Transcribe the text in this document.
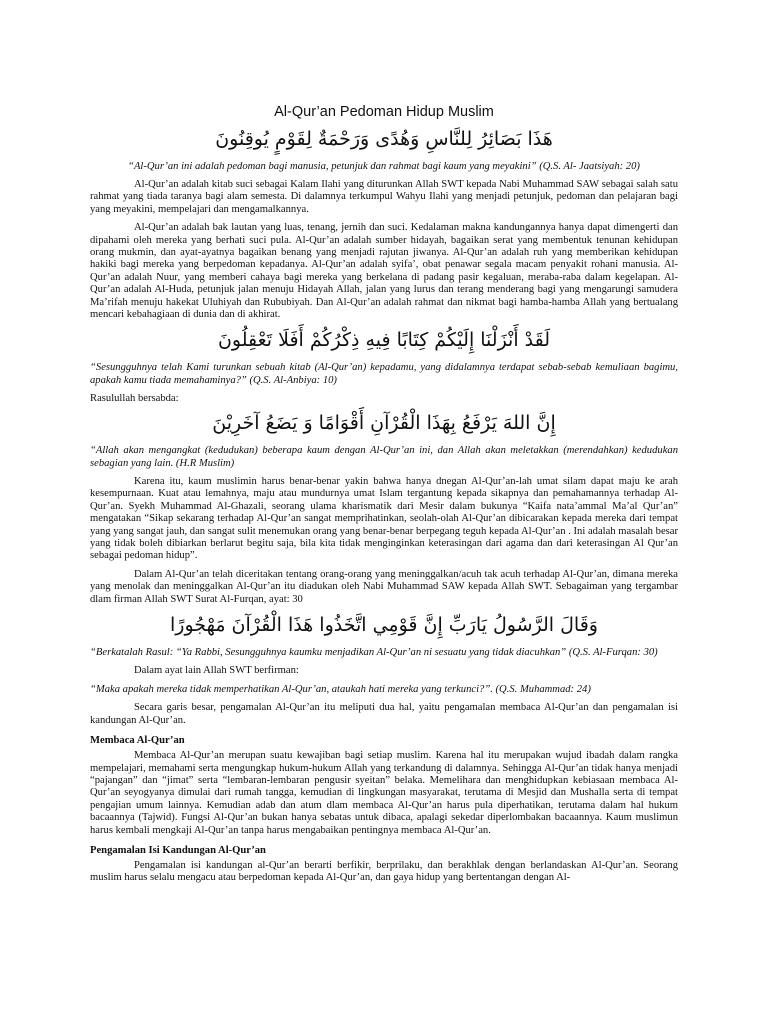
Al-Qur’an Pedoman Hidup Muslim
هَذَا بَصَائِرُ لِلنَّاسِ وَهُدًى وَرَحْمَةٌ لِقَوْمٍ يُوقِنُونَ
“Al-Qur’an ini adalah pedoman bagi manusia, petunjuk dan rahmat bagi kaum yang meyakini” (Q.S. Al- Jaatsiyah: 20)

Al-Qur’an adalah kitab suci sebagai Kalam Ilahi yang diturunkan Allah SWT kepada Nabi Muhammad SAW sebagai salah satu rahmat yang tiada taranya bagi alam semesta. Di dalamnya terkumpul Wahyu Ilahi yang menjadi petunjuk, pedoman dan pelajaran bagi yang meyakini, mempelajari dan mengamalkannya.

Al-Qur’an adalah bak lautan yang luas, tenang, jernih dan suci. Kedalaman makna kandungannya hanya dapat dimengerti dan dipahami oleh mereka yang berhati suci pula. Al-Qur’an adalah sumber hidayah, bagaikan serat yang membentuk tenunan kehidupan orang mukmin, dan ayat-ayatnya bagaikan benang yang menjadi rajutan jiwanya. Al-Qur’an adalah ruh yang memberikan kehidupan hakiki bagi mereka yang berpedoman kepadanya. Al-Qur’an adalah syifa’, obat penawar segala macam penyakit rohani manusia. Al-Qur’an adalah Nuur, yang memberi cahaya bagi mereka yang berkelana di padang pasir kegaluan, meraba-raba dalam kegelapan. Al-Qur’an adalah Al-Huda, petunjuk jalan menuju Hidayah Allah, jalan yang lurus dan terang menderang bagi yang mengarungi samudera Ma’rifah menuju hakekat Uluhiyah dan Rububiyah. Dan Al-Qur’an adalah rahmat dan nikmat bagi hamba-hamba Allah yang bertualang mencari kebahagiaan di dunia dan di akhirat.

لَقَدْ أَنْزَلْنَا إِلَيْكُمْ كِتَابًا فِيهِ ذِكْرُكُمْ أَفَلَا تَعْقِلُونَ
“Sesungguhnya telah Kami turunkan sebuah kitab (Al-Qur’an) kepadamu, yang didalamnya terdapat sebab-sebab kemuliaan bagimu, apakah kamu tiada memahaminya?” (Q.S. Al-Anbiya: 10)

Rasulullah bersabda:

إِنَّ اللهَ يَرْفَعُ بِهَذَا الْقُرْآنِ أَقْوَامًا وَ يَضَعُ آخَرِيْنَ
“Allah akan mengangkat (kedudukan) beberapa kaum dengan Al-Qur’an ini, dan Allah akan meletakkan (merendahkan) kedudukan sebagian yang lain. (H.R Muslim)

Karena itu, kaum muslimin harus benar-benar yakin bahwa hanya dnegan Al-Qur’an-lah umat silam dapat maju ke arah kesempurnaan. Kuat atau lemahnya, maju atau mundurnya umat Islam tergantung kepada sikapnya dan pemahamannya terhadap Al-Qur’an. Syekh Muhammad Al-Ghazali, seorang ulama kharismatik dari Mesir dalam bukunya “Kaifa nata’ammal Ma’al Qur’an” mengatakan “Sikap sekarang terhadap Al-Qur’an sangat memprihatinkan, seolah-olah Al-Qur’an dibicarakan kepada mereka dari tempat yang yang sangat jauh, dan sangat sulit menemukan orang yang benar-benar berpegang teguh kepada Al-Qur’an . Ini adalah masalah besar yang tidak boleh dibiarkan berlarut begitu saja, bila kita tidak menginginkan keterasingan dari agama dan dari keterasingan Al Qur’an sebagai pedoman hidup”.

Dalam Al-Qur’an telah diceritakan tentang orang-orang yang meninggalkan/acuh tak acuh terhadap Al-Qur’an, dimana mereka yang menolak dan meninggalkan Al-Qur’an itu diadukan oleh Nabi Muhammad SAW kepada Allah SWT. Sebagaiman yang tergambar dlam firman Allah SWT Surat Al-Furqan, ayat: 30

وَقَالَ الرَّسُولُ يَارَبِّ إِنَّ قَوْمِي اتَّخَذُوا هَذَا الْقُرْآنَ مَهْجُورًا
“Berkatalah Rasul: “Ya Rabbi, Sesungguhnya kaumku menjadikan Al-Qur’an ni sesuatu yang tidak diacuhkan” (Q.S. Al-Furqan: 30)

Dalam ayat lain Allah SWT berfirman:

“Maka apakah mereka tidak memperhatikan Al-Qur’an, ataukah hati mereka yang terkunci?”. (Q.S. Muhammad: 24)

Secara garis besar, pengamalan Al-Qur’an itu meliputi dua hal, yaitu pengamalan membaca Al-Qur’an dan pengamalan isi kandungan Al-Qur’an.

Membaca Al-Qur’an

Membaca Al-Qur’an merupan suatu kewajiban bagi setiap muslim. Karena hal itu merupakan wujud ibadah dalam rangka mempelajari, memahami serta mengungkap hukum-hukum Allah yang terkandung di dalamnya. Sehingga Al-Qur’an tidak hanya menjadi “pajangan” dan “jimat” serta “lembaran-lembaran pengusir syeitan” belaka. Memelihara dan menghidupkan kebiasaan membaca Al-Qur’an seyogyanya dimulai dari rumah tangga, kemudian di lingkungan masyarakat, terutama di Mesjid dan Mushalla serta di tempat pengajian umum lainnya. Kemudian adab dan atum dlam membaca Al-Qur’an harus pula diperhatikan, terutama dalam hal hukum bacaannya (Tajwid). Fungsi Al-Qur’an bukan hanya sebatas untuk dibaca, apalagi sekedar diperlombakan bacaannya. Kaum muslimun harus kembali mengkaji Al-Qur’an tanpa harus mengabaikan pentingnya membaca Al-Qur’an.

Pengamalan Isi Kandungan Al-Qur’an

Pengamalan isi kandungan al-Qur’an berarti berfikir, berprilaku, dan berakhlak dengan berlandaskan Al-Qur’an. Seorang muslim harus selalu mengacu atau berpedoman kepada Al-Qur’an, dan gaya hidup yang bertentangan dengan Al-
